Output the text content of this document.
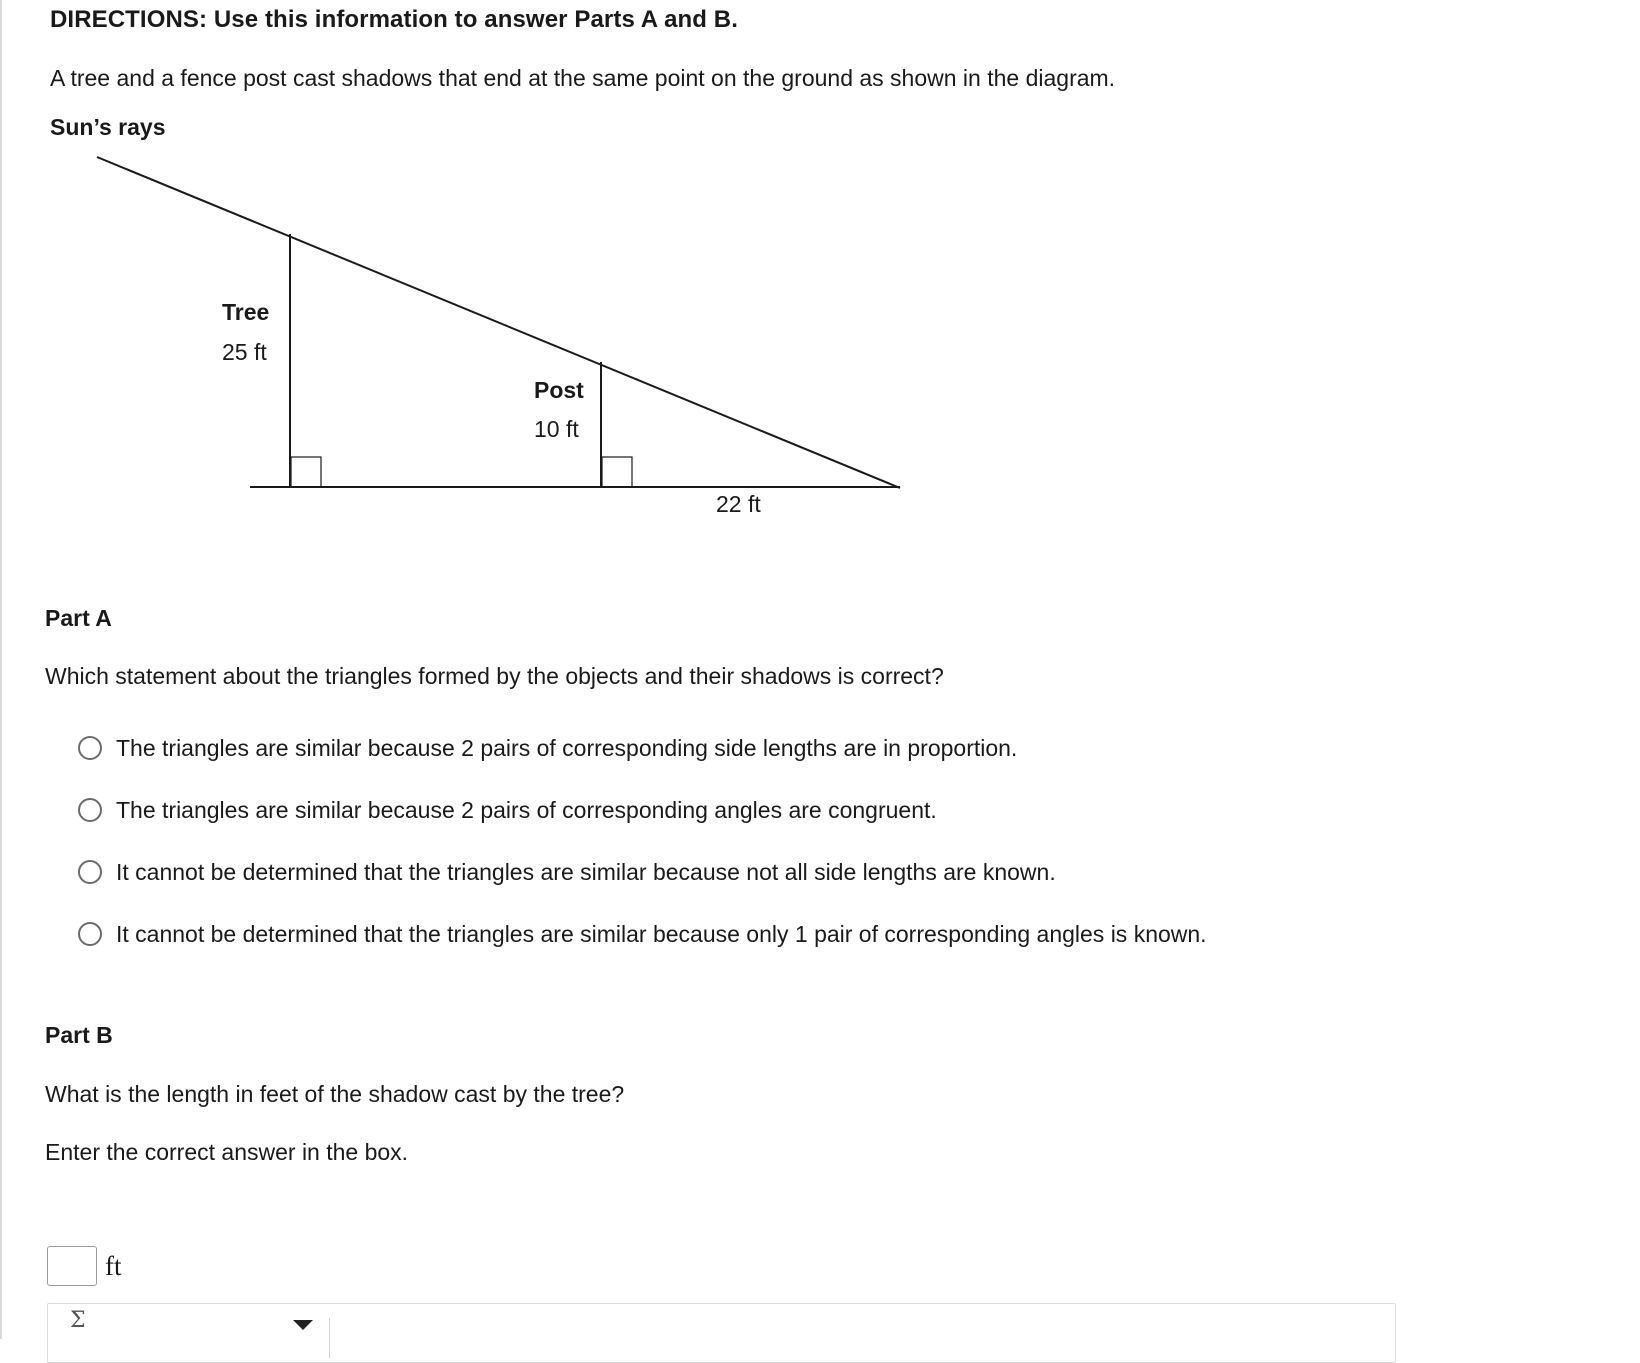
DIRECTIONS: Use this information to answer Parts A and B.
A tree and a fence post cast shadows that end at the same point on the ground as shown in the diagram.
Sun’s rays
Tree
25 ft
Post
10 ft
22 ft
Part A
Which statement about the triangles formed by the objects and their shadows is correct?
The triangles are similar because 2 pairs of corresponding side lengths are in proportion.
The triangles are similar because 2 pairs of corresponding angles are congruent.
It cannot be determined that the triangles are similar because not all side lengths are known.
It cannot be determined that the triangles are similar because only 1 pair of corresponding angles is known.
Part B
What is the length in feet of the shadow cast by the tree?
Enter the correct answer in the box.
ft
Σ
